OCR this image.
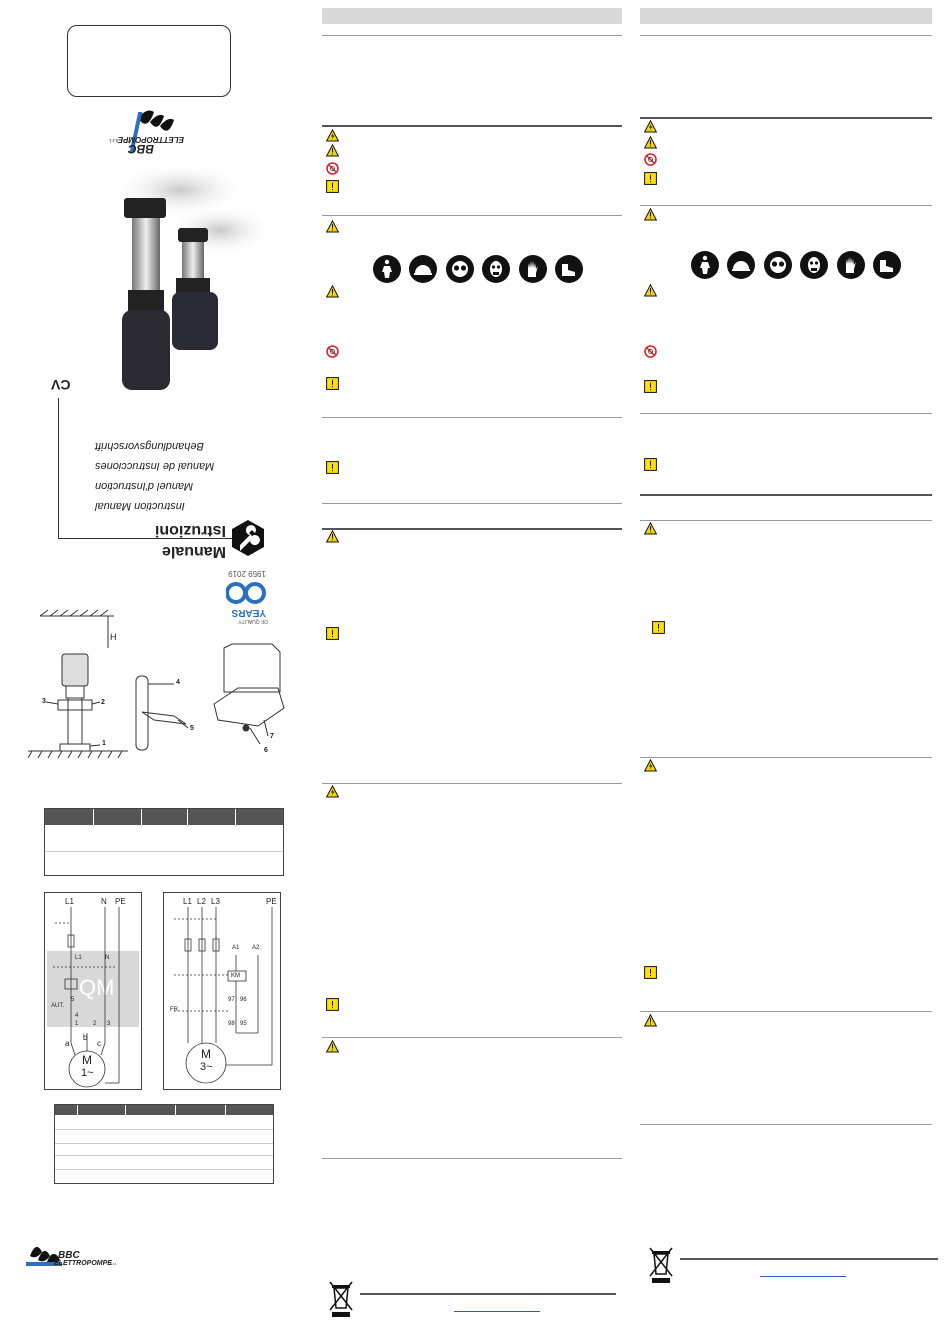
BBC
ELETTROPOMPE
s.r.l.
CV
Instruction Manual
Manuel d'Instruction
Manual de Instrucciones
Behandlungsvorschrift
Manuale
Istruzioni
OF QUALITY
YEARS
1959 2019
H
1
2
3
4
5
6
7
QM
L1	N PE
L1	N
AUT.
5
4
1 2 3
a
b
c
M
1~
L1 L2 L3	PE
A1 A2
KM
97 96
98 95
FR
M
3~
BBC
ELETTROPOMPE
s.r.l.
